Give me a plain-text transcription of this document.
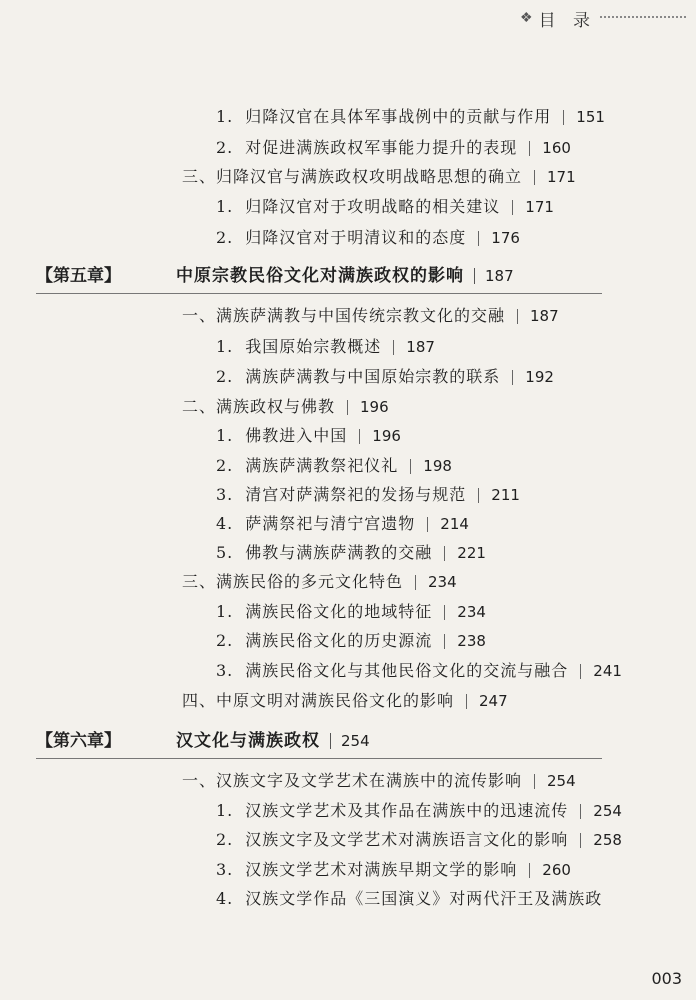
❖ 目 录
1. 归降汉官在具体军事战例中的贡献与作用 151
2. 对促进满族政权军事能力提升的表现 160
三、归降汉官与满族政权攻明战略思想的确立 171
1. 归降汉官对于攻明战略的相关建议 171
2. 归降汉官对于明清议和的态度 176
【第五章】	中原宗教民俗文化对满族政权的影响 187
一、满族萨满教与中国传统宗教文化的交融 187
1. 我国原始宗教概述 187
2. 满族萨满教与中国原始宗教的联系 192
二、满族政权与佛教 196
1. 佛教进入中国 196
2. 满族萨满教祭祀仪礼 198
3. 清宫对萨满祭祀的发扬与规范 211
4. 萨满祭祀与清宁宫遗物 214
5. 佛教与满族萨满教的交融 221
三、满族民俗的多元文化特色 234
1. 满族民俗文化的地域特征 234
2. 满族民俗文化的历史源流 238
3. 满族民俗文化与其他民俗文化的交流与融合 241
四、中原文明对满族民俗文化的影响 247
【第六章】	汉文化与满族政权 254
一、汉族文字及文学艺术在满族中的流传影响 254
1. 汉族文学艺术及其作品在满族中的迅速流传 254
2. 汉族文字及文学艺术对满族语言文化的影响 258
3. 汉族文学艺术对满族早期文学的影响 260
4. 汉族文学作品《三国演义》对两代汗王及满族政
003
